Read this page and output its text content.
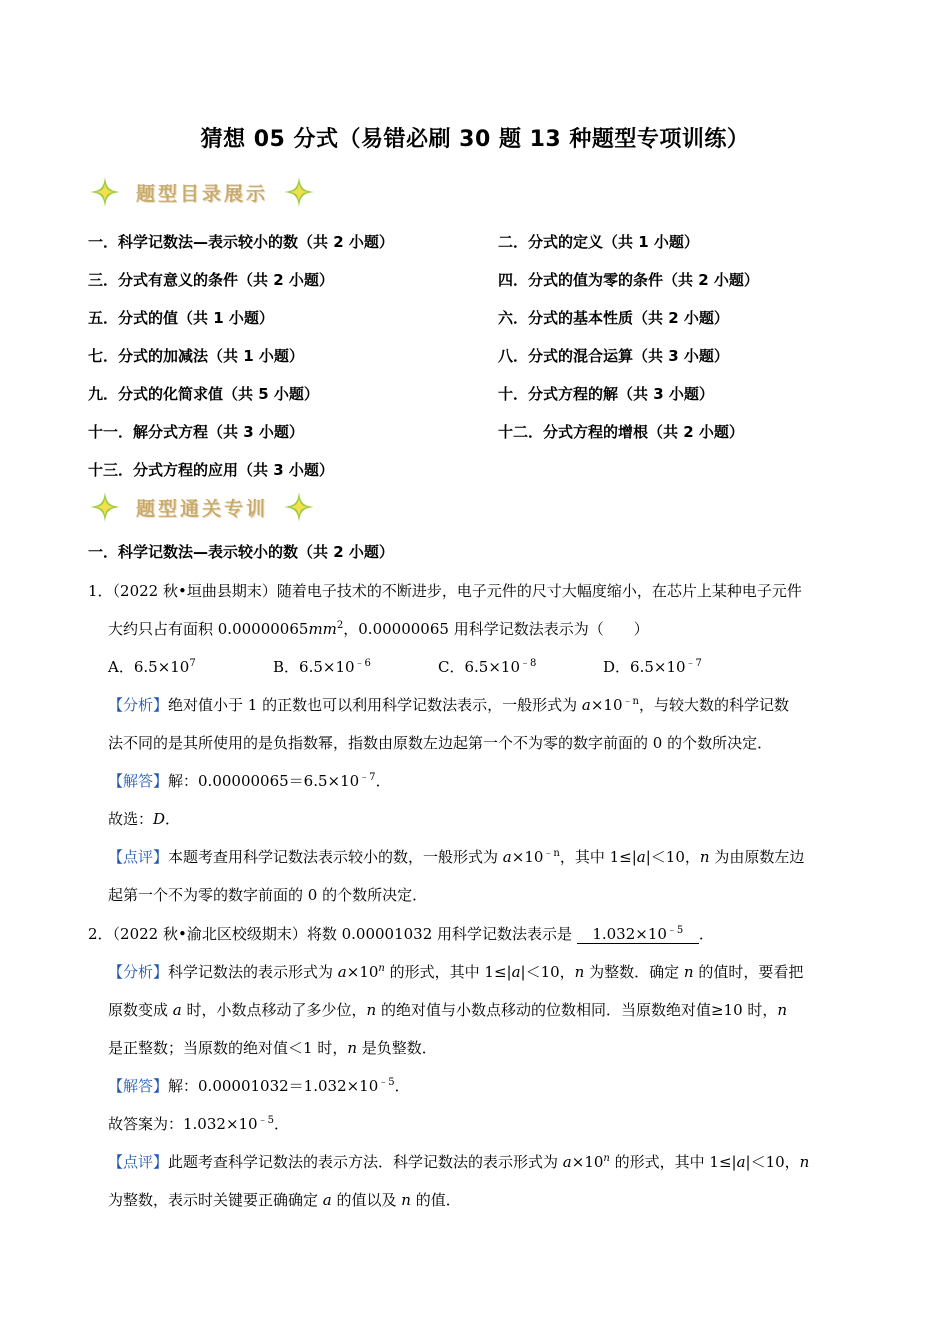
猜想 05 分式（易错必刷 30 题 13 种题型专项训练）
题型目录展示
一．科学记数法—表示较小的数（共 2 小题）	二．分式的定义（共 1 小题）
三．分式有意义的条件（共 2 小题）	四．分式的值为零的条件（共 2 小题）
五．分式的值（共 1 小题）	六．分式的基本性质（共 2 小题）
七．分式的加减法（共 1 小题）	八．分式的混合运算（共 3 小题）
九．分式的化简求值（共 5 小题）	十．分式方程的解（共 3 小题）
十一．解分式方程（共 3 小题）	十二．分式方程的增根（共 2 小题）
十三．分式方程的应用（共 3 小题）
题型通关专训
一．科学记数法—表示较小的数（共 2 小题）
1．（2022 秋•垣曲县期末）随着电子技术的不断进步，电子元件的尺寸大幅度缩小，在芯片上某种电子元件
大约只占有面积 $0.00000065mm^2$，0.00000065 用科学记数法表示为（　　）
A．$6.5\times 10^7$	B．$6.5\times 10^{﹣6}$	C．$6.5\times 10^{﹣8}$	D．$6.5\times 10^{﹣7}$
【分析】绝对值小于 1 的正数也可以利用科学记数法表示，一般形式为 $a\times 10^{﹣n}$，与较大数的科学记数
法不同的是其所使用的是负指数幂，指数由原数左边起第一个不为零的数字前面的 0 的个数所决定．
【解答】解：$0.00000065=6.5\times 10^{﹣7}$．
故选：D．
【点评】本题考查用科学记数法表示较小的数，一般形式为 $a\times 10^{﹣n}$，其中 1≤|a|＜10，n 为由原数左边
起第一个不为零的数字前面的 0 的个数所决定．
2．（2022 秋•渝北区校级期末）将数 0.00001032 用科学记数法表示是 $1.032\times 10^{﹣5}$ ．
【分析】科学记数法的表示形式为 $a\times 10^n$ 的形式，其中 1≤|a|＜10，n 为整数．确定 n 的值时，要看把
原数变成 a 时，小数点移动了多少位，n 的绝对值与小数点移动的位数相同．当原数绝对值≥10 时，n
是正整数；当原数的绝对值＜1 时，n 是负整数．
【解答】解：$0.00001032=1.032\times 10^{﹣5}$．
故答案为：$1.032\times 10^{﹣5}$．
【点评】此题考查科学记数法的表示方法．科学记数法的表示形式为 $a\times 10^n$ 的形式，其中 1≤|a|＜10，n
为整数，表示时关键要正确确定 a 的值以及 n 的值．
